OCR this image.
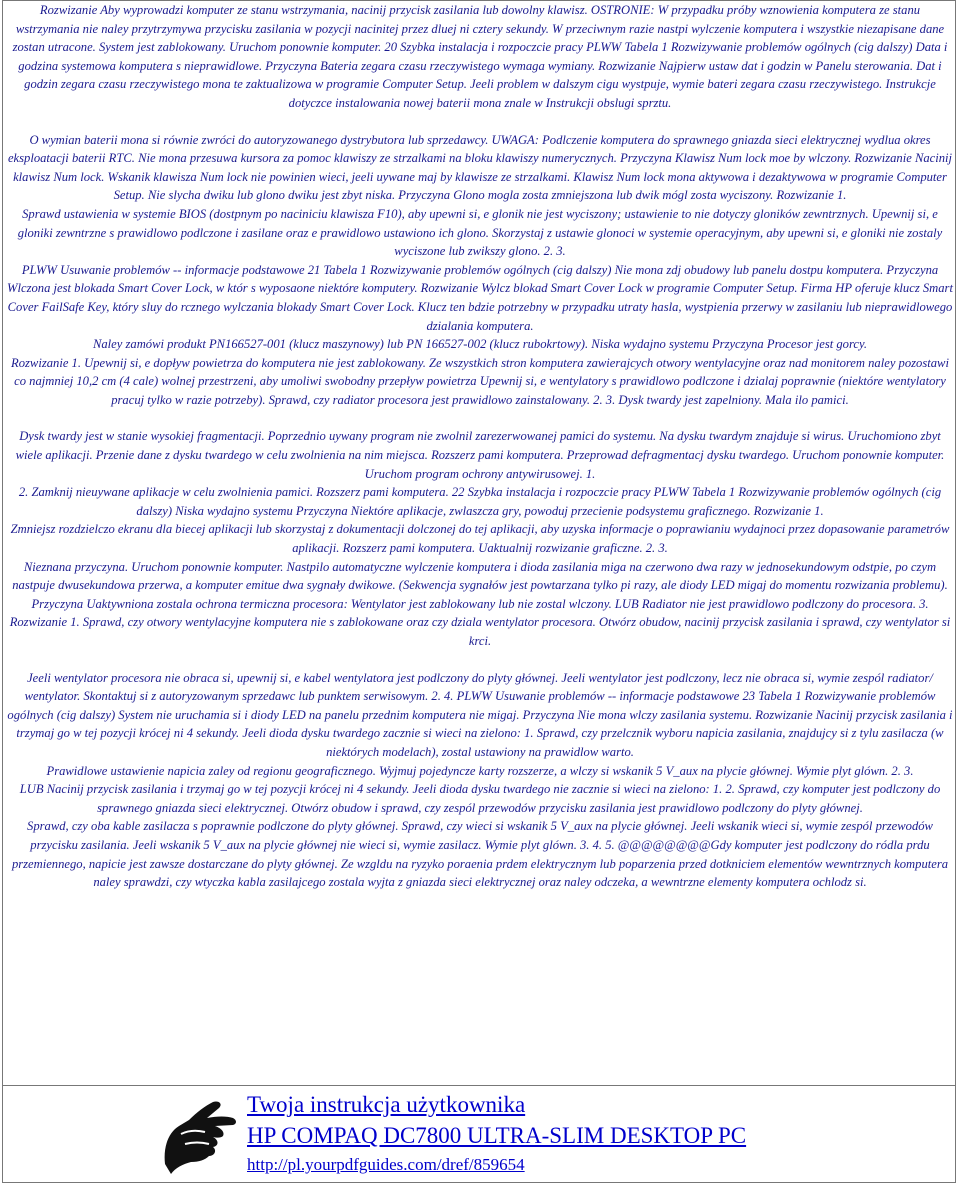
Rozwizanie Aby wyprowadzi komputer ze stanu wstrzymania, nacinij przycisk zasilania lub dowolny klawisz. OSTRONIE: W przypadku próby wznowienia komputera ze stanu wstrzymania nie naley przytrzymywa przycisku zasilania w pozycji nacinitej przez dluej ni cztery sekundy. W przeciwnym razie nastpi wylczenie komputera i wszystkie niezapisane dane zostan utracone. System jest zablokowany. Uruchom ponownie komputer. 20 Szybka instalacja i rozpoczcie pracy PLWW Tabela 1 Rozwizywanie problemów ogólnych (cig dalszy) Data i godzina systemowa komputera s nieprawidlowe. Przyczyna Bateria zegara czasu rzeczywistego wymaga wymiany. Rozwizanie Najpierw ustaw dat i godzin w Panelu sterowania. Dat i godzin zegara czasu rzeczywistego mona te zaktualizowa w programie Computer Setup. Jeeli problem w dalszym cigu wystpuje, wymie bateri zegara czasu rzeczywistego. Instrukcje dotyczce instalowania nowej baterii mona znale w Instrukcji obslugi sprztu.

O wymian baterii mona si równie zwróci do autoryzowanego dystrybutora lub sprzedawcy. UWAGA: Podlczenie komputera do sprawnego gniazda sieci elektrycznej wydlua okres eksploatacji baterii RTC. Nie mona przesuwa kursora za pomoc klawiszy ze strzalkami na bloku klawiszy numerycznych. Przyczyna Klawisz Num lock moe by wlczony. Rozwizanie Nacinij klawisz Num lock. Wskanik klawisza Num lock nie powinien wieci, jeeli uywane maj by klawisze ze strzalkami. Klawisz Num lock mona aktywowa i dezaktywowa w programie Computer Setup. Nie slycha dwiku lub glono dwiku jest zbyt niska. Przyczyna Glono mogla zosta zmniejszona lub dwik mógl zosta wyciszony. Rozwizanie 1.

Sprawd ustawienia w systemie BIOS (dostpnym po naciniciu klawisza F10), aby upewni si, e glonik nie jest wyciszony; ustawienie to nie dotyczy gloników zewntrznych. Upewnij si, e gloniki zewntrzne s prawidlowo podlczone i zasilane oraz e prawidlowo ustawiono ich glono. Skorzystaj z ustawie glonoci w systemie operacyjnym, aby upewni si, e gloniki nie zostaly wyciszone lub zwikszy glono. 2. 3.

PLWW Usuwanie problemów -- informacje podstawowe 21 Tabela 1 Rozwizywanie problemów ogólnych (cig dalszy) Nie mona zdj obudowy lub panelu dostpu komputera. Przyczyna Wlczona jest blokada Smart Cover Lock, w któr s wyposaone niektóre komputery. Rozwizanie Wylcz blokad Smart Cover Lock w programie Computer Setup. Firma HP oferuje klucz Smart Cover FailSafe Key, który sluy do rcznego wylczania blokady Smart Cover Lock. Klucz ten bdzie potrzebny w przypadku utraty hasla, wystpienia przerwy w zasilaniu lub nieprawidlowego dzialania komputera.

Naley zamówi produkt PN166527-001 (klucz maszynowy) lub PN 166527-002 (klucz rubokrtowy). Niska wydajno systemu Przyczyna Procesor jest gorcy.

Rozwizanie 1. Upewnij si, e dopływ powietrza do komputera nie jest zablokowany. Ze wszystkich stron komputera zawierajcych otwory wentylacyjne oraz nad monitorem naley pozostawi co najmniej 10,2 cm (4 cale) wolnej przestrzeni, aby umoliwi swobodny przepływ powietrza Upewnij si, e wentylatory s prawidlowo podlczone i dzialaj poprawnie (niektóre wentylatory pracuj tylko w razie potrzeby). Sprawd, czy radiator procesora jest prawidlowo zainstalowany. 2. 3. Dysk twardy jest zapelniony. Mala ilo pamici.

Dysk twardy jest w stanie wysokiej fragmentacji. Poprzednio uywany program nie zwolnil zarezerwowanej pamici do systemu. Na dysku twardym znajduje si wirus. Uruchomiono zbyt wiele aplikacji. Przenie dane z dysku twardego w celu zwolnienia na nim miejsca. Rozszerz pami komputera. Przeprowad defragmentacj dysku twardego. Uruchom ponownie komputer. Uruchom program ochrony antywirusowej. 1.

2. Zamknij nieuywane aplikacje w celu zwolnienia pamici. Rozszerz pami komputera. 22 Szybka instalacja i rozpoczcie pracy PLWW Tabela 1 Rozwizywanie problemów ogólnych (cig dalszy) Niska wydajno systemu Przyczyna Niektóre aplikacje, zwlaszcza gry, powoduj przecienie podsystemu graficznego. Rozwizanie 1.

Zmniejsz rozdzielczo ekranu dla biecej aplikacji lub skorzystaj z dokumentacji dolczonej do tej aplikacji, aby uzyska informacje o poprawianiu wydajnoci przez dopasowanie parametrów aplikacji. Rozszerz pami komputera. Uaktualnij rozwizanie graficzne. 2. 3.

Nieznana przyczyna. Uruchom ponownie komputer. Nastpilo automatyczne wylczenie komputera i dioda zasilania miga na czerwono dwa razy w jednosekundowym odstpie, po czym nastpuje dwusekundowa przerwa, a komputer emitue dwa sygnały dwikowe. (Sekwencja sygnałów jest powtarzana tylko pi razy, ale diody LED migaj do momentu rozwizania problemu). Przyczyna Uaktywniona zostala ochrona termiczna procesora: Wentylator jest zablokowany lub nie zostal wlczony. LUB Radiator nie jest prawidlowo podlczony do procesora. 3. Rozwizanie 1. Sprawd, czy otwory wentylacyjne komputera nie s zablokowane oraz czy dziala wentylator procesora. Otwórz obudow, nacinij przycisk zasilania i sprawd, czy wentylator si krci.

Jeeli wentylator procesora nie obraca si, upewnij si, e kabel wentylatora jest podlczony do plyty głównej. Jeeli wentylator jest podlczony, lecz nie obraca si, wymie zespól radiator/ wentylator. Skontaktuj si z autoryzowanym sprzedawc lub punktem serwisowym. 2. 4. PLWW Usuwanie problemów -- informacje podstawowe 23 Tabela 1 Rozwizywanie problemów ogólnych (cig dalszy) System nie uruchamia si i diody LED na panelu przednim komputera nie migaj. Przyczyna Nie mona wlczy zasilania systemu. Rozwizanie Nacinij przycisk zasilania i trzymaj go w tej pozycji krócej ni 4 sekundy. Jeeli dioda dysku twardego zacznie si wieci na zielono: 1. Sprawd, czy przelcznik wyboru napicia zasilania, znajdujcy si z tylu zasilacza (w niektórych modelach), zostal ustawiony na prawidlow warto.

Prawidlowe ustawienie napicia zaley od regionu geograficznego. Wyjmuj pojedyncze karty rozszerze, a wlczy si wskanik 5 V_aux na plycie głównej. Wymie plyt glówn. 2. 3.

LUB Nacinij przycisk zasilania i trzymaj go w tej pozycji krócej ni 4 sekundy. Jeeli dioda dysku twardego nie zacznie si wieci na zielono: 1. 2. Sprawd, czy komputer jest podlczony do sprawnego gniazda sieci elektrycznej. Otwórz obudow i sprawd, czy zespól przewodów przycisku zasilania jest prawidlowo podlczony do plyty głównej.

Sprawd, czy oba kable zasilacza s poprawnie podlczone do plyty głównej. Sprawd, czy wieci si wskanik 5 V_aux na plycie głównej. Jeeli wskanik wieci si, wymie zespól przewodów przycisku zasilania. Jeeli wskanik 5 V_aux na plycie głównej nie wieci si, wymie zasilacz. Wymie plyt glówn. 3. 4. 5. @@@@@@@@Gdy komputer jest podlczony do ródla prdu przemiennego, napicie jest zawsze dostarczane do plyty głównej. Ze wzgldu na ryzyko poraenia prdem elektrycznym lub poparzenia przed dotkniciem elementów wewntrznych komputera naley sprawdzi, czy wtyczka kabla zasilajcego zostala wyjta z gniazda sieci elektrycznej oraz naley odczeka, a wewntrzne elementy komputera ochlodz si.

Twoja instrukcja użytkownika
HP COMPAQ DC7800 ULTRA-SLIM DESKTOP PC
http://pl.yourpdfguides.com/dref/859654
